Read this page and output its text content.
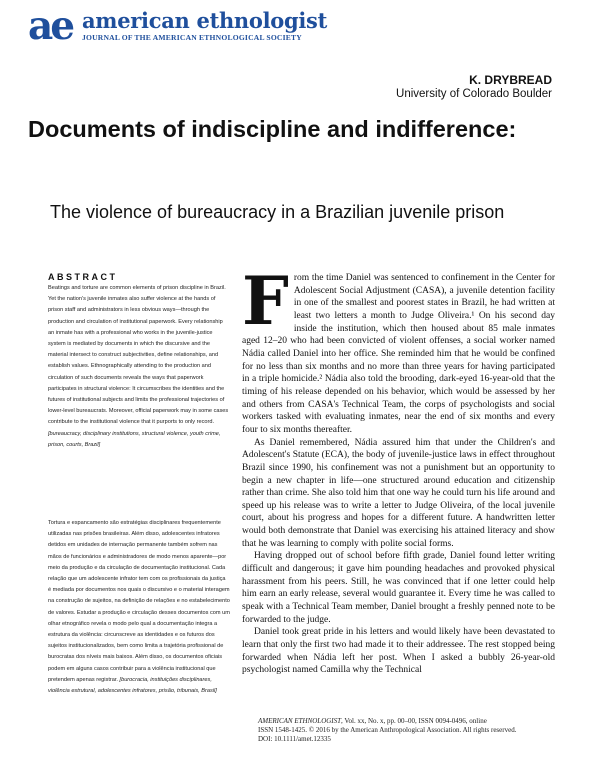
ae american ethnologist
JOURNAL OF THE AMERICAN ETHNOLOGICAL SOCIETY
K. DRYBREAD
University of Colorado Boulder
Documents of indiscipline and indifference:
The violence of bureaucracy in a Brazilian juvenile prison
ABSTRACT
Beatings and torture are common elements of prison discipline in Brazil. Yet the nation's juvenile inmates also suffer violence at the hands of prison staff and administrators in less obvious ways—through the production and circulation of institutional paperwork. Every relationship an inmate has with a professional who works in the juvenile-justice system is mediated by documents in which the discursive and the material intersect to construct subjectivities, define relationships, and establish values. Ethnographically attending to the production and circulation of such documents reveals the ways that paperwork participates in structural violence: It circumscribes the identities and the futures of institutional subjects and limits the professional trajectories of lower-level bureaucrats. Moreover, official paperwork may in some cases contribute to the institutional violence that it purports to only record. [bureaucracy, disciplinary institutions, structural violence, youth crime, prison, courts, Brazil]
Tortura e espancamento são estratégias disciplinares frequentemente utilizadas nas prisões brasileiras. Além disso, adolescentes infratores detidos em unidades de internação permanente também sofrem nas mãos de funcionários e administradores de modo menos aparente—por meio da produção e da circulação de documentação institucional. Cada relação que um adolescente infrator tem com os profissionais da justiça é mediada por documentos nos quais o discursivo e o material interagem na construção de sujeitos, na definição de relações e no estabelecimento de valores. Estudar a produção e circulação desses documentos com um olhar etnográfico revela o modo pelo qual a documentação integra a estrutura da violência: circunscreve as identidades e os futuros dos sujeitos institucionalizados, bem como limita a trajetória profissional de burocratas dos níveis mais baixos. Além disso, os documentos oficiais podem em alguns casos contribuir para a violência institucional que pretendem apenas registrar. [burocracia, instituições disciplinares, violência estrutural, adolescentes infratores, prisão, tribunais, Brasil]

From the time Daniel was sentenced to confinement in the Center for Adolescent Social Adjustment (CASA), a juvenile detention facility in one of the smallest and poorest states in Brazil, he had written at least two letters a month to Judge Oliveira.¹ On his second day inside the institution, which then housed about 85 male inmates aged 12–20 who had been convicted of violent offenses, a social worker named Nádia called Daniel into her office. She reminded him that he would be confined for no less than six months and no more than three years for having participated in a triple homicide.² Nádia also told the brooding, dark-eyed 16-year-old that the timing of his release depended on his behavior, which would be assessed by her and others from CASA's Technical Team, the corps of psychologists and social workers tasked with evaluating inmates, near the end of six months and every four to six months thereafter.

As Daniel remembered, Nádia assured him that under the Children's and Adolescent's Statute (ECA), the body of juvenile-justice laws in effect throughout Brazil since 1990, his confinement was not a punishment but an opportunity to begin a new chapter in life—one structured around education and citizenship rather than crime. She also told him that one way he could turn his life around and speed up his release was to write a letter to Judge Oliveira, of the local juvenile court, about his progress and hopes for a different future. A handwritten letter would both demonstrate that Daniel was exercising his attained literacy and show that he was learning to comply with polite social forms.

Having dropped out of school before fifth grade, Daniel found letter writing difficult and dangerous; it gave him pounding headaches and provoked physical harassment from his peers. Still, he was convinced that if one letter could help him earn an early release, several would guarantee it. Every time he was called to speak with a Technical Team member, Daniel brought a freshly penned note to be forwarded to the judge.

Daniel took great pride in his letters and would likely have been devastated to learn that only the first two had made it to their addressee. The rest stopped being forwarded when Nádia left her post. When I asked a bubbly 26-year-old psychologist named Camilla why the Technical

AMERICAN ETHNOLOGIST, Vol. xx, No. x, pp. 00–00, ISSN 0094-0496, online
ISSN 1548-1425. © 2016 by the American Anthropological Association. All rights reserved.
DOI: 10.1111/amet.12335
